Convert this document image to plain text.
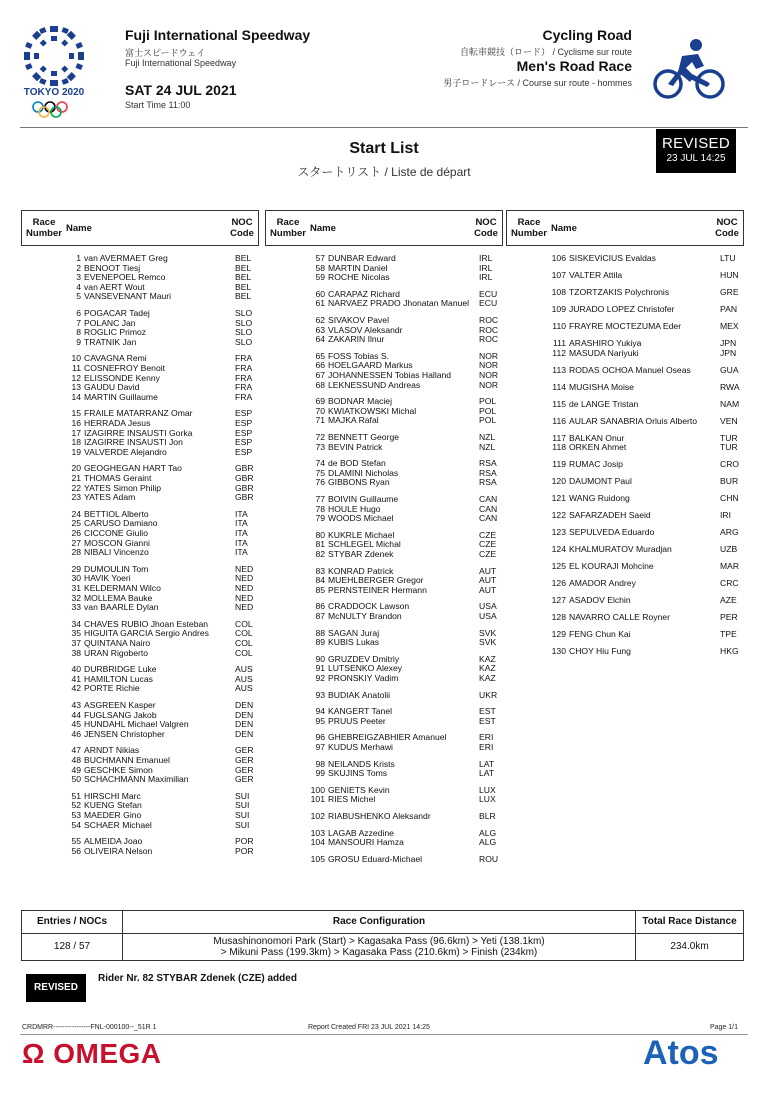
TOKYO 2020
Fuji International Speedway
富士スピードウェイ
Fuji International Speedway
SAT 24 JUL 2021
Start Time 11:00
Cycling Road
自転車競技（ロード） / Cyclisme sur route
Men's Road Race
男子ロードレース / Course sur route - hommes
Start List
スタートリスト / Liste de départ
REVISED
23 JUL 14:25
Race
Number Name
NOC
Code
Race
Number Name
NOC
Code
Race
Number Name
NOC
Code
1 van AVERMAET Greg	BEL
2 BENOOT Tiesj	BEL
3 EVENEPOEL Remco	BEL
4 van AERT Wout	BEL
5 VANSEVENANT Mauri	BEL
6 POGACAR Tadej	SLO
7 POLANC Jan	SLO
8 ROGLIC Primoz	SLO
9 TRATNIK Jan	SLO
10 CAVAGNA Remi	FRA
11 COSNEFROY Benoit	FRA
12 ELISSONDE Kenny	FRA
13 GAUDU David	FRA
14 MARTIN Guillaume	FRA
15 FRAILE MATARRANZ Omar	ESP
16 HERRADA Jesus	ESP
17 IZAGIRRE INSAUSTI Gorka	ESP
18 IZAGIRRE INSAUSTI Jon	ESP
19 VALVERDE Alejandro	ESP
20 GEOGHEGAN HART Tao	GBR
21 THOMAS Geraint	GBR
22 YATES Simon Philip	GBR
23 YATES Adam	GBR
24 BETTIOL Alberto	ITA
25 CARUSO Damiano	ITA
26 CICCONE Giulio	ITA
27 MOSCON Gianni	ITA
28 NIBALI Vincenzo	ITA
29 DUMOULIN Tom	NED
30 HAVIK Yoeri	NED
31 KELDERMAN Wilco	NED
32 MOLLEMA Bauke	NED
33 van BAARLE Dylan	NED
34 CHAVES RUBIO Jhoan Esteban	COL
35 HIGUITA GARCIA Sergio Andres	COL
37 QUINTANA Nairo	COL
38 URAN Rigoberto	COL
40 DURBRIDGE Luke	AUS
41 HAMILTON Lucas	AUS
42 PORTE Richie	AUS
43 ASGREEN Kasper	DEN
44 FUGLSANG Jakob	DEN
45 HUNDAHL Michael Valgren	DEN
46 JENSEN Christopher	DEN
47 ARNDT Nikias	GER
48 BUCHMANN Emanuel	GER
49 GESCHKE Simon	GER
50 SCHACHMANN Maximilian	GER
51 HIRSCHI Marc	SUI
52 KUENG Stefan	SUI
53 MAEDER Gino	SUI
54 SCHAER Michael	SUI
55 ALMEIDA Joao	POR
56 OLIVEIRA Nelson	POR
57 DUNBAR Edward	IRL
58 MARTIN Daniel	IRL
59 ROCHE Nicolas	IRL
60 CARAPAZ Richard	ECU
61 NARVAEZ PRADO Jhonatan Manuel ECU
62 SIVAKOV Pavel	ROC
63 VLASOV Aleksandr	ROC
64 ZAKARIN Ilnur	ROC
65 FOSS Tobias S.	NOR
66 HOELGAARD Markus	NOR
67 JOHANNESSEN Tobias Halland	NOR
68 LEKNESSUND Andreas	NOR
69 BODNAR Maciej	POL
70 KWIATKOWSKI Michal	POL
71 MAJKA Rafal	POL
72 BENNETT George	NZL
73 BEVIN Patrick	NZL
74 de BOD Stefan	RSA
75 DLAMINI Nicholas	RSA
76 GIBBONS Ryan	RSA
77 BOIVIN Guillaume	CAN
78 HOULE Hugo	CAN
79 WOODS Michael	CAN
80 KUKRLE Michael	CZE
81 SCHLEGEL Michal	CZE
82 STYBAR Zdenek	CZE
83 KONRAD Patrick	AUT
84 MUEHLBERGER Gregor	AUT
85 PERNSTEINER Hermann	AUT
86 CRADDOCK Lawson	USA
87 McNULTY Brandon	USA
88 SAGAN Juraj	SVK
89 KUBIS Lukas	SVK
90 GRUZDEV Dmitriy	KAZ
91 LUTSENKO Alexey	KAZ
92 PRONSKIY Vadim	KAZ
93 BUDIAK Anatolii	UKR
94 KANGERT Tanel	EST
95 PRUUS Peeter	EST
96 GHEBREIGZABHIER Amanuel	ERI
97 KUDUS Merhawi	ERI
98 NEILANDS Krists	LAT
99 SKUJINS Toms	LAT
100 GENIETS Kevin	LUX
101 RIES Michel	LUX
102 RIABUSHENKO Aleksandr	BLR
103 LAGAB Azzedine	ALG
104 MANSOURI Hamza	ALG
105 GROSU Eduard-Michael	ROU
106 SISKEVICIUS Evaldas	LTU
107 VALTER Attila	HUN
108 TZORTZAKIS Polychronis	GRE
109 JURADO LOPEZ Christofer	PAN
110 FRAYRE MOCTEZUMA Eder	MEX
111 ARASHIRO Yukiya	JPN
112 MASUDA Nariyuki	JPN
113 RODAS OCHOA Manuel Oseas	GUA
114 MUGISHA Moise	RWA
115 de LANGE Tristan	NAM
116 AULAR SANABRIA Orluis Alberto	VEN
117 BALKAN Onur	TUR
118 ORKEN Ahmet	TUR
119 RUMAC Josip	CRO
120 DAUMONT Paul	BUR
121 WANG Ruidong	CHN
122 SAFARZADEH Saeid	IRI
123 SEPULVEDA Eduardo	ARG
124 KHALMURATOV Muradjan	UZB
125 EL KOURAJI Mohcine	MAR
126 AMADOR Andrey	CRC
127 ASADOV Elchin	AZE
128 NAVARRO CALLE Royner	PER
129 FENG Chun Kai	TPE
130 CHOY Hiu Fung	HKG
Entries / NOCs	Race Configuration	Total Race Distance
128 / 57	Musashinonomori Park (Start) > Kagasaka Pass (96.6km) > Yeti (138.1km)
> Mikuni Pass (199.3km) > Kagasaka Pass (210.6km) > Finish (234km)
234.0km
REVISED
Rider Nr. 82 STYBAR Zdenek (CZE) added
CRDMRR----------------FNL-000100--_51R 1	Report Created FRI 23 JUL 2021 14:25	Page 1/1
Ω OMEGA	Atos
